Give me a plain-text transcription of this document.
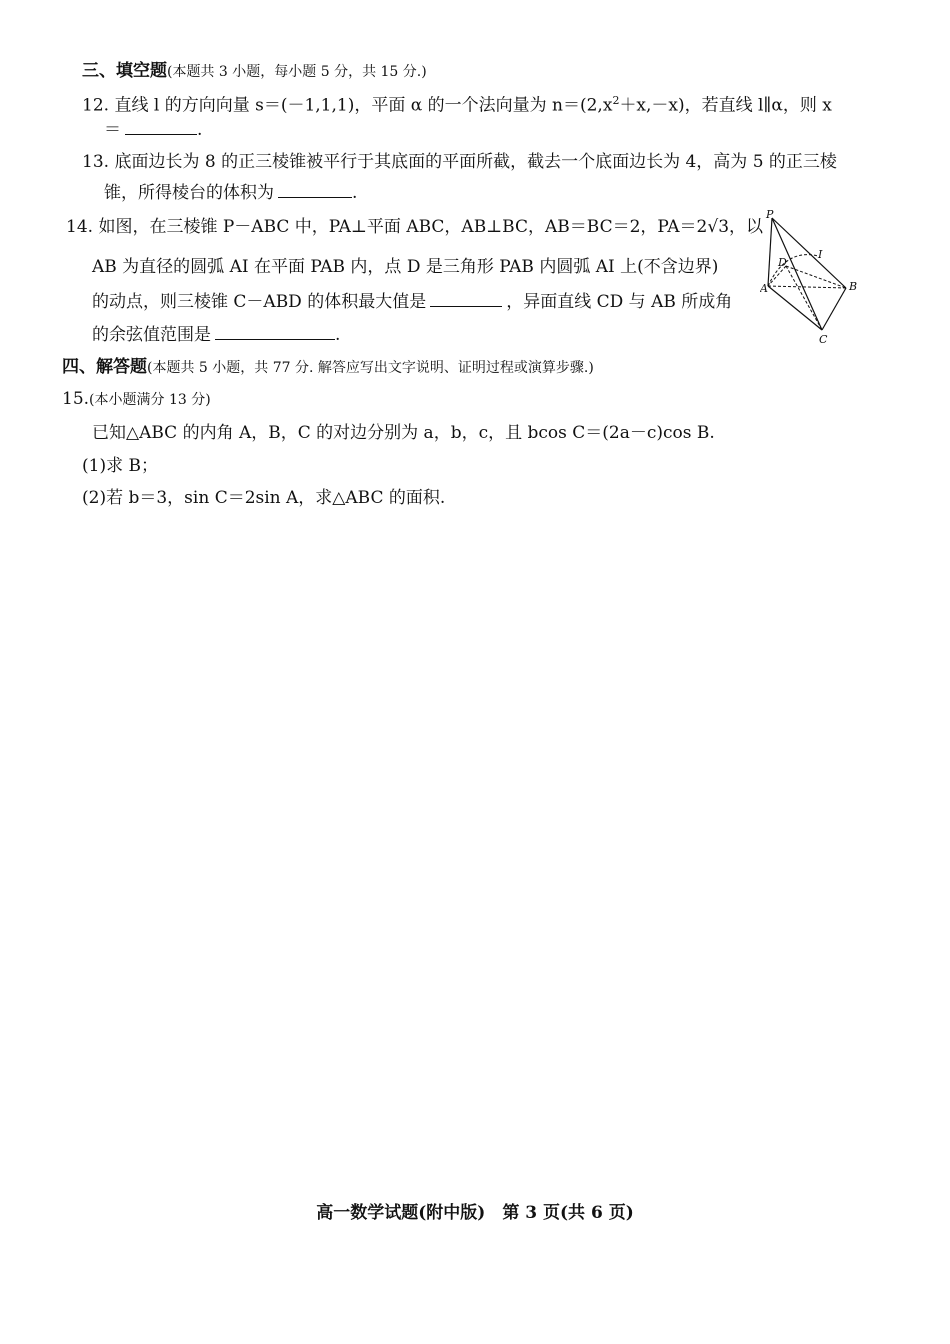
三、填空题(本题共 3 小题，每小题 5 分，共 15 分.)
12. 直线 l 的方向向量 s＝(－1,1,1)，平面 α 的一个法向量为 $n=(2,x^2+x,-x)$，若直线 l∥α，则 x
＝	.
13. 底面边长为 8 的正三棱锥被平行于其底面的平面所截，截去一个底面边长为 4，高为 5 的正三棱
锥，所得棱台的体积为	.
14. 如图，在三棱锥 P－ABC 中，PA⊥平面 ABC，AB⊥BC，AB＝BC＝2，PA＝2√3，以
AB 为直径的圆弧 AI 在平面 PAB 内，点 D 是三角形 PAB 内圆弧 AI 上(不含边界)
的动点，则三棱锥 C－ABD 的体积最大值是	，异面直线 CD 与 AB 所成角
的余弦值范围是	.
P
I
D
A	B
C
四、解答题(本题共 5 小题，共 77 分. 解答应写出文字说明、证明过程或演算步骤.)
15.(本小题满分 13 分)
已知△ABC 的内角 A，B，C 的对边分别为 a，b，c，且 bcos C＝(2a－c)cos B.
(1)求 B；
(2)若 b＝3，sin C＝2sin A，求△ABC 的面积.
高一数学试题(附中版)　第 3 页(共 6 页)
